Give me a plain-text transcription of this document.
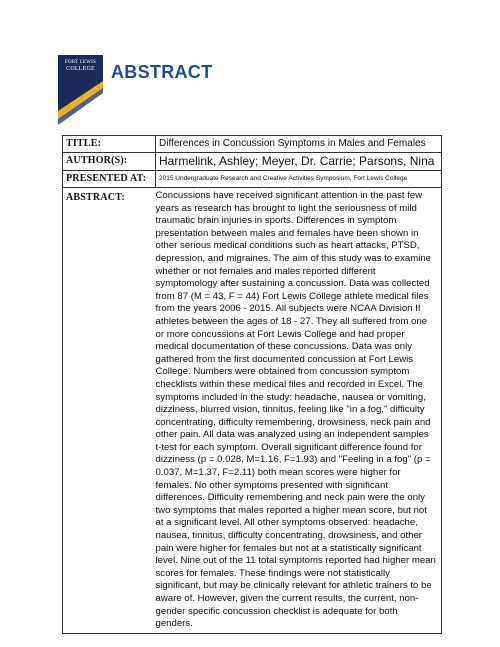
FORT LEWIS
COLLEGE ABSTRACT
TITLE:	Differences in Concussion Symptoms in Males and Females
AUTHOR(S):	Harmelink, Ashley; Meyer, Dr. Carrie; Parsons, Nina
PRESENTED AT:	2015 Undergraduate Research and Creative Activities Symposium, Fort Lewis College
ABSTRACT:	Concussions have received significant attention in the past few years as research has brought to light the seriousness of mild traumatic brain injuries in sports. Differences in symptom presentation between males and females have been shown in other serious medical conditions such as heart attacks, PTSD, depression, and migraines. The aim of this study was to examine whether or not females and males reported different symptomology after sustaining a concussion. Data was collected from 87 (M = 43, F = 44) Fort Lewis College athlete medical files from the years 2006 - 2015. All subjects were NCAA Division II athletes between the ages of 18 - 27. They all suffered from one or more concussions at Fort Lewis College and had proper medical documentation of these concussions. Data was only gathered from the first documented concussion at Fort Lewis College. Numbers were obtained from concussion symptom checklists within these medical files and recorded in Excel. The symptoms included in the study: headache, nausea or vomiting, dizziness, blurred vision, tinnitus, feeling like "in a fog," difficulty concentrating, difficulty remembering, drowsiness, neck pain and other pain. All data was analyzed using an independent samples t-test for each symptom. Overall significant difference found for dizziness (p = 0.028, M=1.16, F=1.93) and "Feeling in a fog" (p = 0.037, M=1.37, F=2.11) both mean scores were higher for females. No other symptoms presented with significant differences. Difficulty remembering and neck pain were the only two symptoms that males reported a higher mean score, but not at a significant level. All other symptoms observed: headache, nausea, tinnitus, difficulty concentrating, drowsiness, and other pain were higher for females but not at a statistically significant level. Nine out of the 11 total symptoms reported had higher mean scores for females. These findings were not statistically significant, but may be clinically relevant for athletic trainers to be aware of. However, given the current results, the current, non-gender specific concussion checklist is adequate for both genders.
